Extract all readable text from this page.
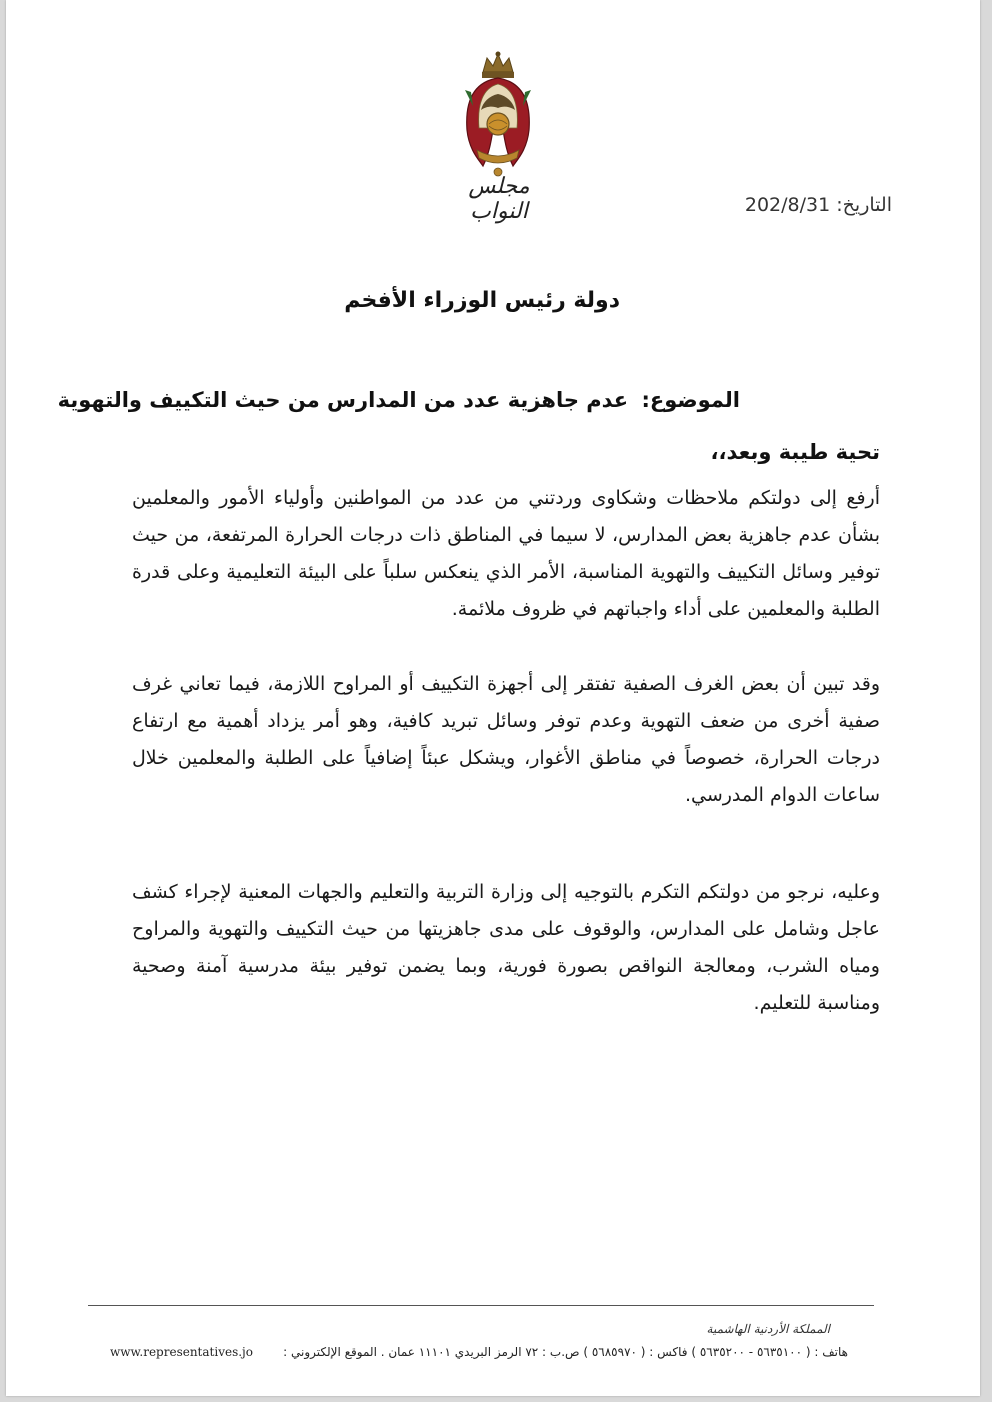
مجلس النواب	التاريخ: 202/8/31
دولة رئيس الوزراء الأفخم
الموضوع: عدم جاهزية عدد من المدارس من حيث التكييف والتهوية
تحية طيبة وبعد،،

أرفع إلى دولتكم ملاحظات وشكاوى وردتني من عدد من المواطنين وأولياء الأمور والمعلمين بشأن عدم جاهزية بعض المدارس، لا سيما في المناطق ذات درجات الحرارة المرتفعة، من حيث توفير وسائل التكييف والتهوية المناسبة، الأمر الذي ينعكس سلباً على البيئة التعليمية وعلى قدرة الطلبة والمعلمين على أداء واجباتهم في ظروف ملائمة.

وقد تبين أن بعض الغرف الصفية تفتقر إلى أجهزة التكييف أو المراوح اللازمة، فيما تعاني غرف صفية أخرى من ضعف التهوية وعدم توفر وسائل تبريد كافية، وهو أمر يزداد أهمية مع ارتفاع درجات الحرارة، خصوصاً في مناطق الأغوار، ويشكل عبئاً إضافياً على الطلبة والمعلمين خلال ساعات الدوام المدرسي.

وعليه، نرجو من دولتكم التكرم بالتوجيه إلى وزارة التربية والتعليم والجهات المعنية لإجراء كشف عاجل وشامل على المدارس، والوقوف على مدى جاهزيتها من حيث التكييف والتهوية والمراوح ومياه الشرب، ومعالجة النواقص بصورة فورية، وبما يضمن توفير بيئة مدرسية آمنة وصحية ومناسبة للتعليم.

المملكة الأردنية الهاشمية
هاتف : ( ٥٦٣٥١٠٠ - ٥٦٣٥٢٠٠ ) فاكس : ( ٥٦٨٥٩٧٠ ) ص.ب : ٧٢ الرمز البريدي ١١١٠١ عمان . الموقع الإلكتروني :
www.representatives.jo
